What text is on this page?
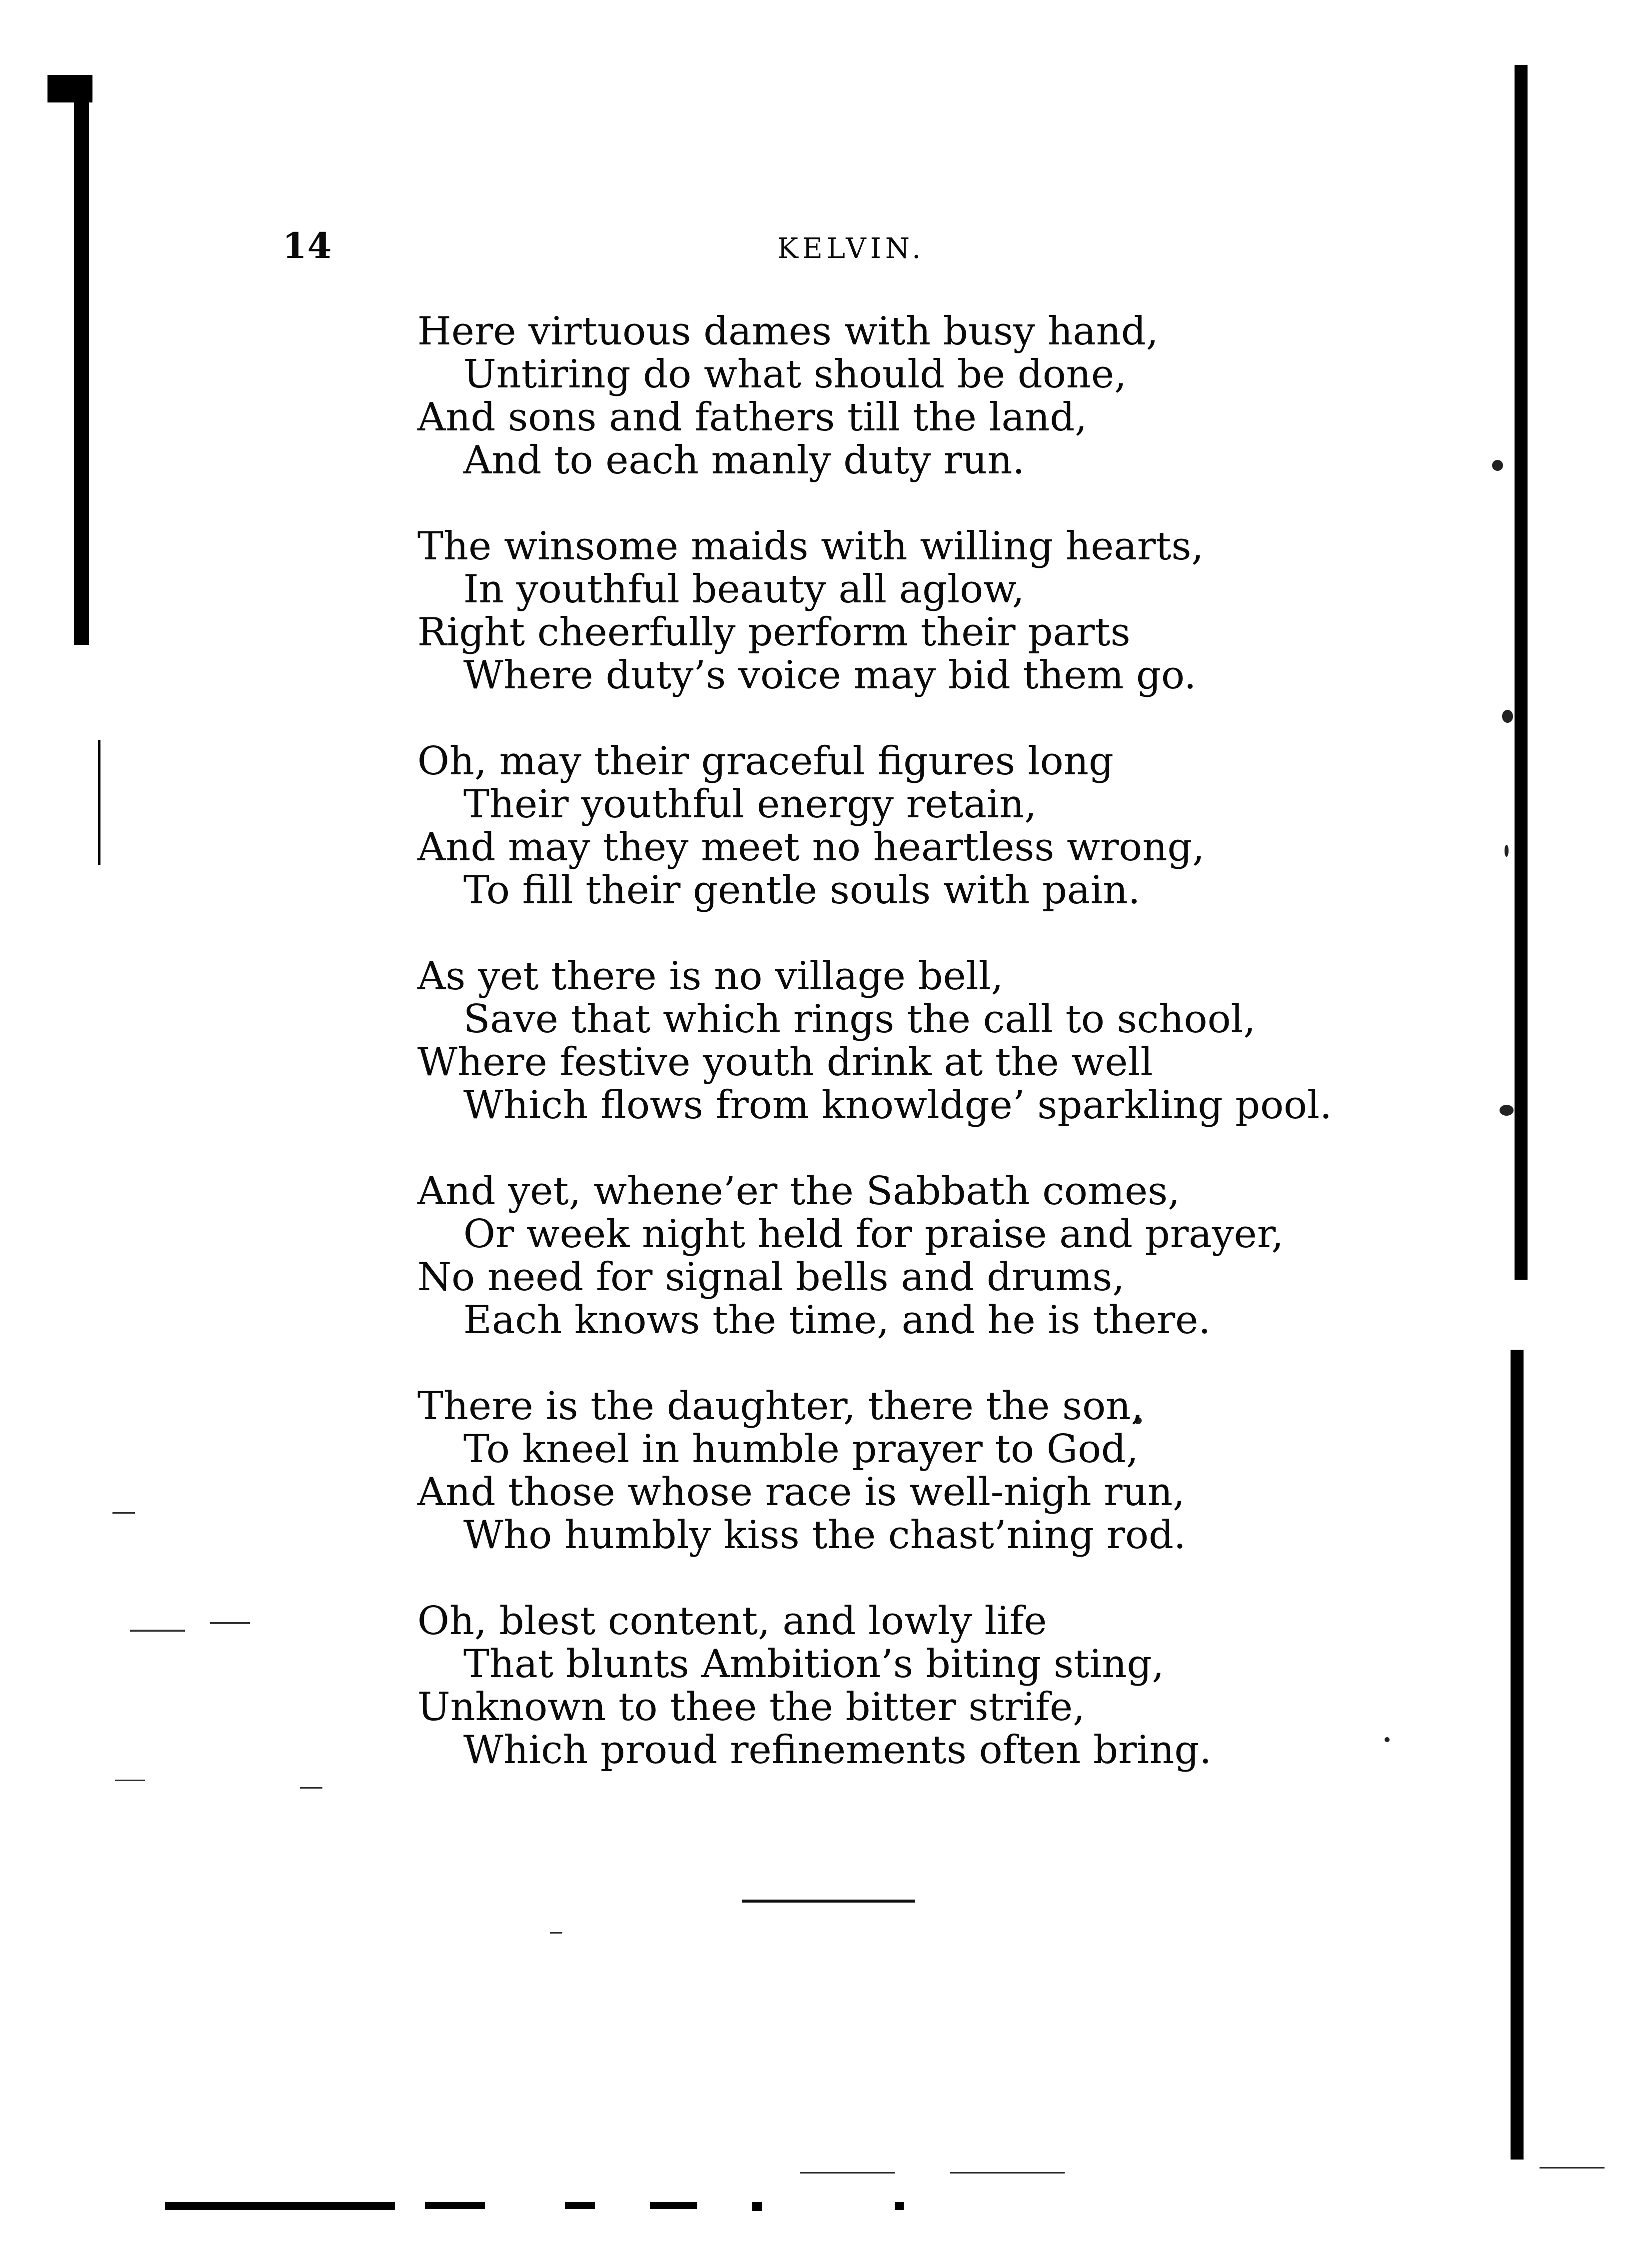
14	KELVIN.
Here virtuous dames with busy hand,
Untiring do what should be done,
And sons and fathers till the land,
And to each manly duty run.
The winsome maids with willing hearts,
In youthful beauty all aglow,
Right cheerfully perform their parts
Where duty’s voice may bid them go.
Oh, may their graceful figures long
Their youthful energy retain,
And may they meet no heartless wrong,
To fill their gentle souls with pain.
As yet there is no village bell,
Save that which rings the call to school,
Where festive youth drink at the well
Which flows from knowldge’ sparkling pool.
And yet, whene’er the Sabbath comes,
Or week night held for praise and prayer,
No need for signal bells and drums,
Each knows the time, and he is there.
There is the daughter, there the son,
To kneel in humble prayer to God,
And those whose race is well-nigh run,
Who humbly kiss the chast’ning rod.
Oh, blest content, and lowly life
That blunts Ambition’s biting sting,
Unknown to thee the bitter strife,
Which proud refinements often bring.
